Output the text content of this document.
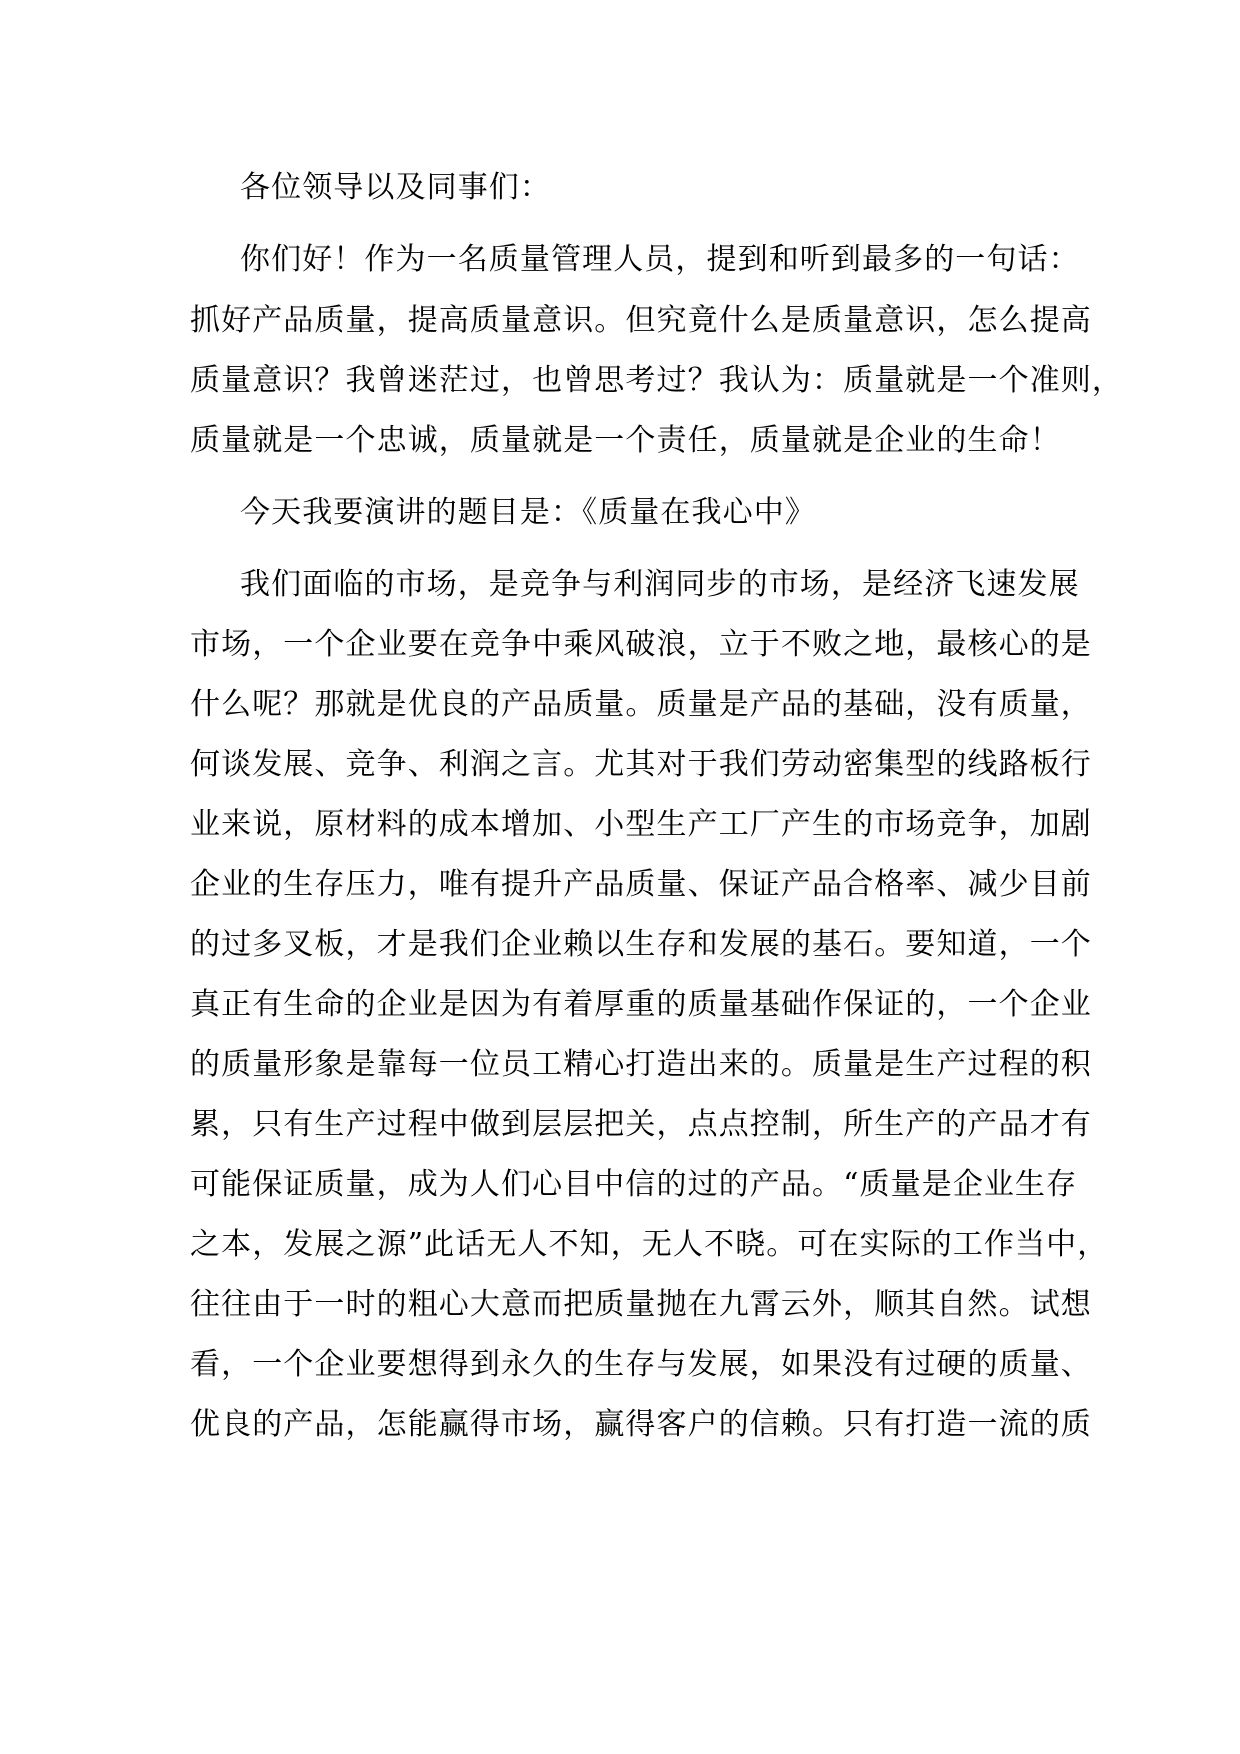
各位领导以及同事们：
你们好！作为一名质量管理人员，提到和听到最多的一句话：
抓好产品质量，提高质量意识。但究竟什么是质量意识，怎么提高
质量意识？我曾迷茫过，也曾思考过？我认为：质量就是一个准则，
质量就是一个忠诚，质量就是一个责任，质量就是企业的生命！
今天我要演讲的题目是：《质量在我心中》
我们面临的市场，是竞争与利润同步的市场，是经济飞速发展
市场，一个企业要在竞争中乘风破浪，立于不败之地，最核心的是
什么呢？那就是优良的产品质量。质量是产品的基础，没有质量，
何谈发展、竞争、利润之言。尤其对于我们劳动密集型的线路板行
业来说，原材料的成本增加、小型生产工厂产生的市场竞争，加剧
企业的生存压力，唯有提升产品质量、保证产品合格率、减少目前
的过多叉板，才是我们企业赖以生存和发展的基石。要知道，一个
真正有生命的企业是因为有着厚重的质量基础作保证的，一个企业
的质量形象是靠每一位员工精心打造出来的。质量是生产过程的积
累，只有生产过程中做到层层把关，点点控制，所生产的产品才有
可能保证质量，成为人们心目中信的过的产品。“质量是企业生存
之本，发展之源”此话无人不知，无人不晓。可在实际的工作当中，
往往由于一时的粗心大意而把质量抛在九霄云外，顺其自然。试想
看，一个企业要想得到永久的生存与发展，如果没有过硬的质量、
优良的产品，怎能赢得市场，赢得客户的信赖。只有打造一流的质
